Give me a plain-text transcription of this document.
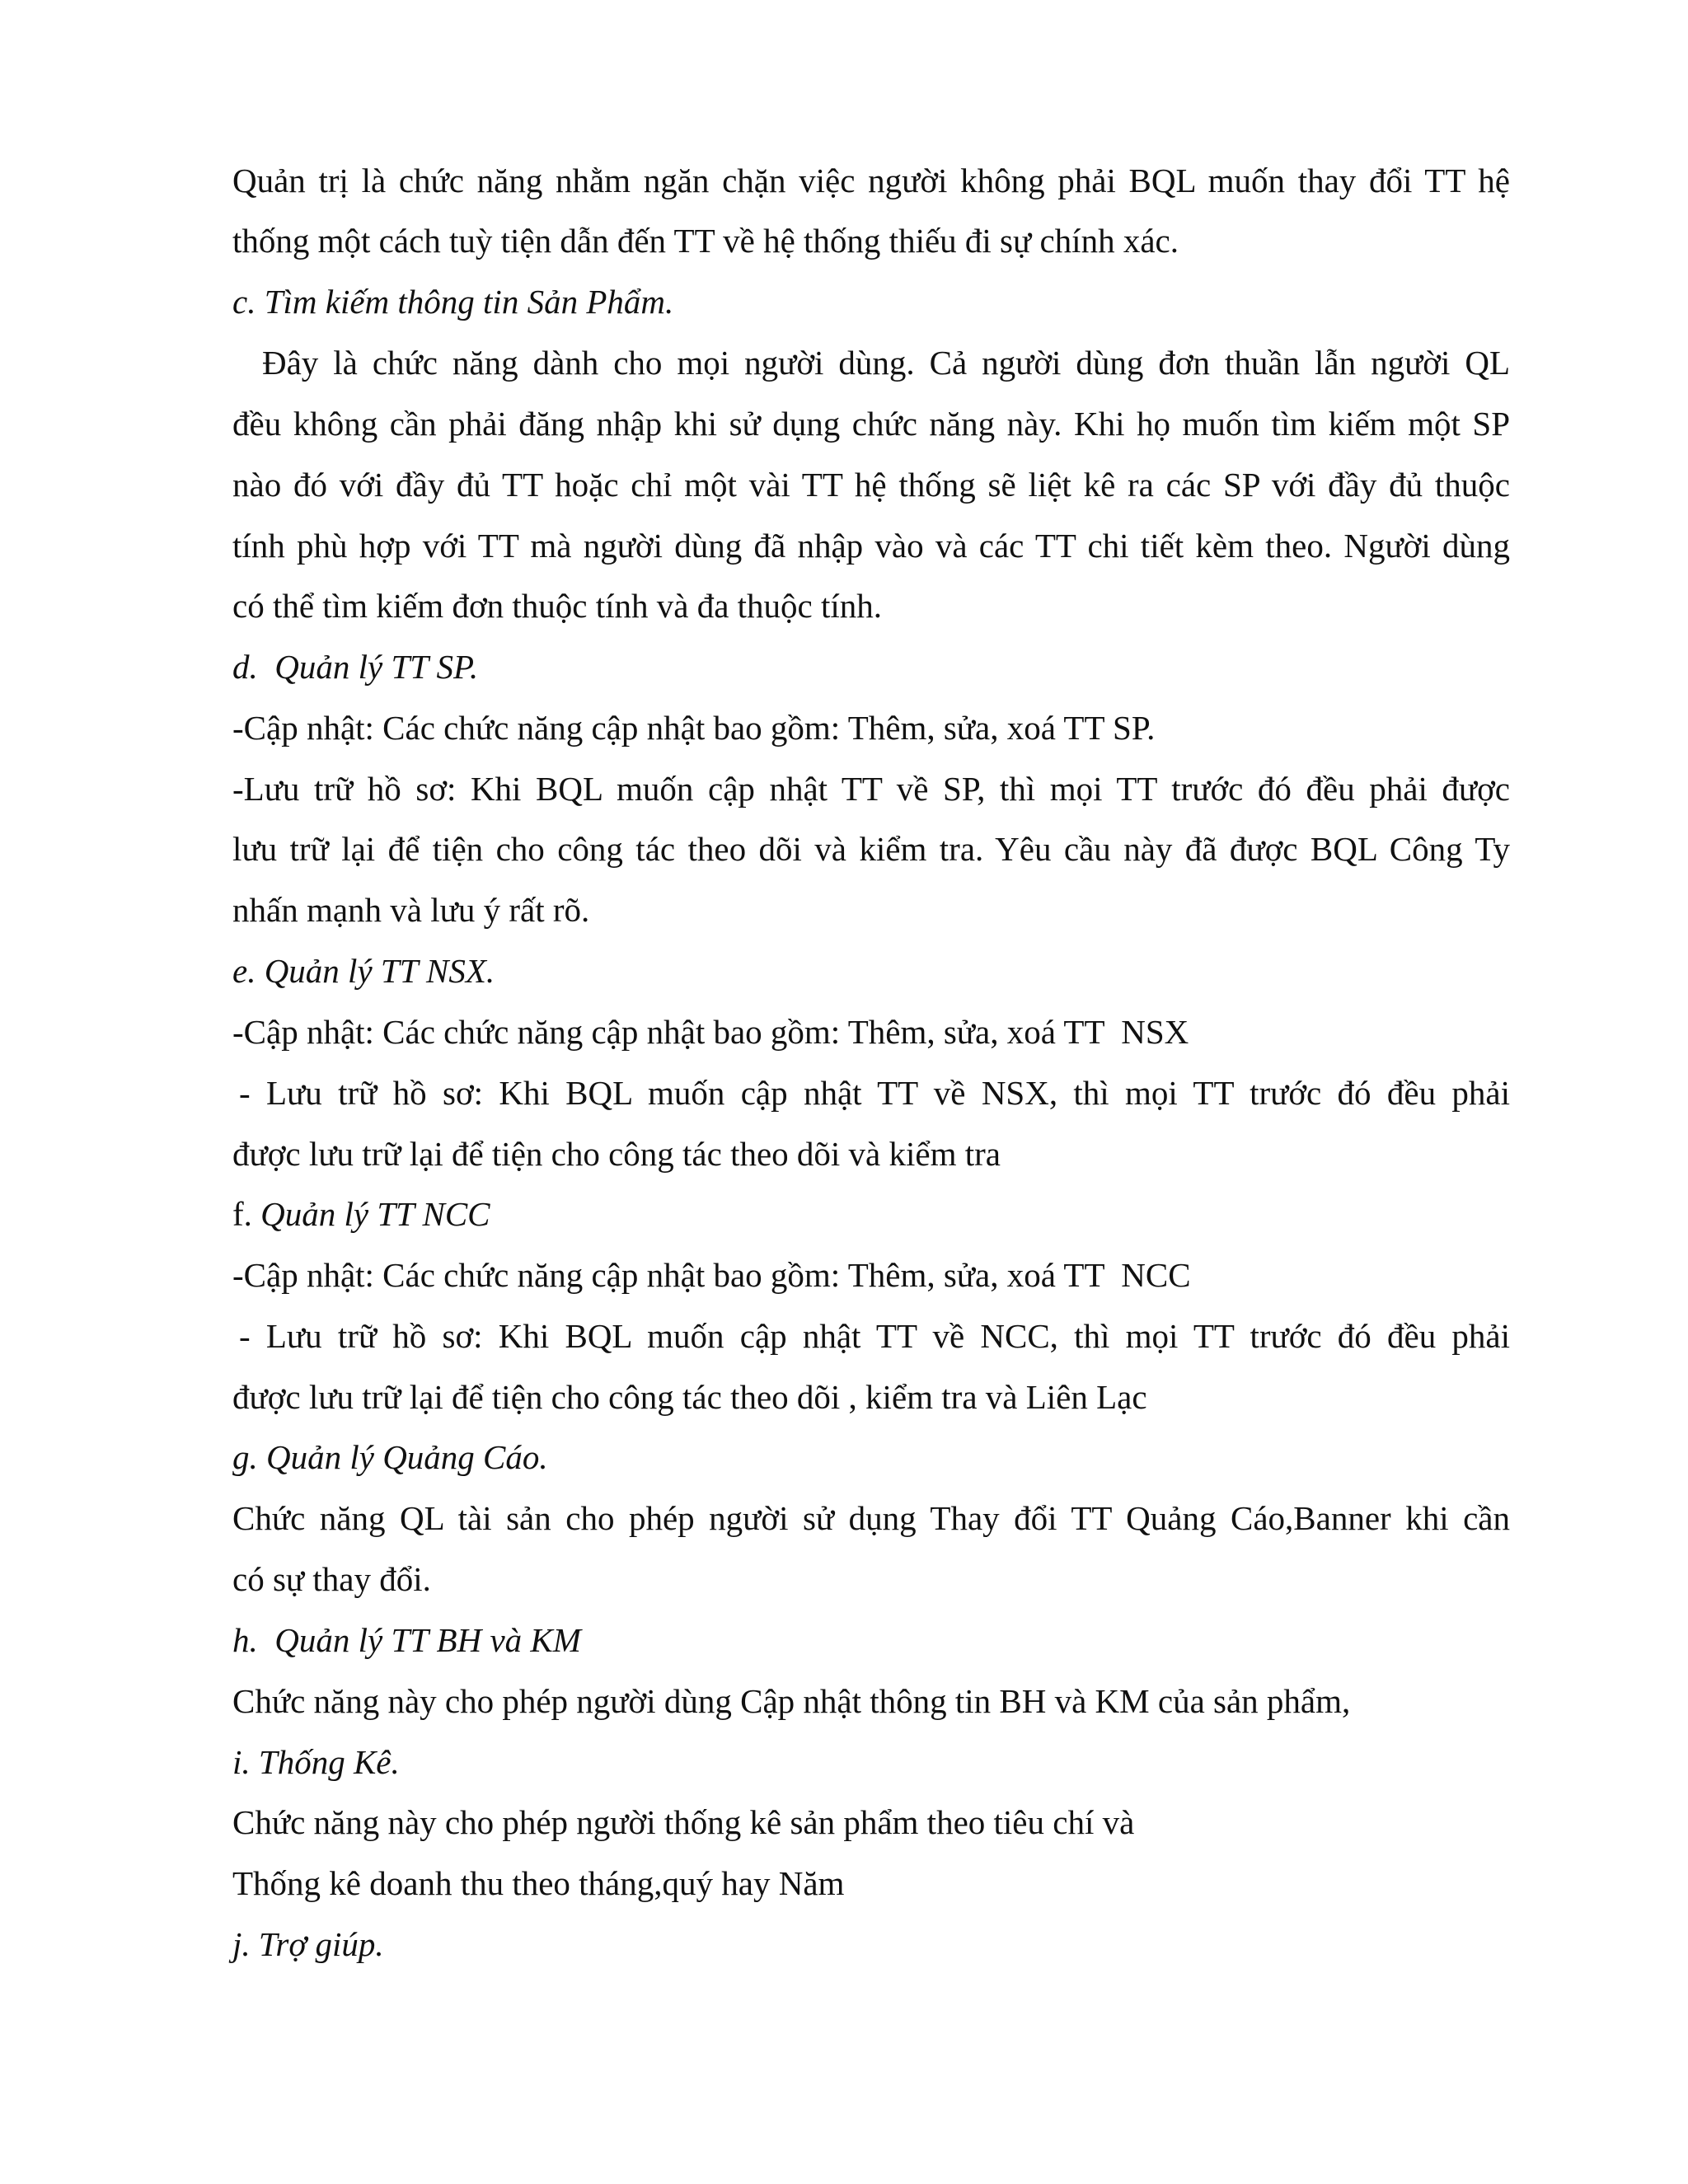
Quản trị là chức năng nhằm ngăn chặn việc người không phải BQL muốn thay đổi TT hệ
thống một cách tuỳ tiện dẫn đến TT về hệ thống thiếu đi sự chính xác.
c. Tìm kiếm thông tin Sản Phẩm.
Đây là chức năng dành cho mọi người dùng. Cả người dùng đơn thuần lẫn người QL
đều không cần phải đăng nhập khi sử dụng chức năng này. Khi họ muốn tìm kiếm một SP
nào đó với đầy đủ TT hoặc chỉ một vài TT hệ thống sẽ liệt kê ra các SP với đầy đủ thuộc
tính phù hợp với TT mà người dùng đã nhập vào và các TT chi tiết kèm theo. Người dùng
có thể tìm kiếm đơn thuộc tính và đa thuộc tính.
d.  Quản lý TT SP.
-Cập nhật: Các chức năng cập nhật bao gồm: Thêm, sửa, xoá TT SP.
-Lưu trữ hồ sơ: Khi BQL muốn cập nhật TT về SP, thì mọi TT trước đó đều phải được
lưu trữ lại để tiện cho công tác theo dõi và kiểm tra. Yêu cầu này đã được BQL Công Ty
nhấn mạnh và lưu ý rất rõ.
e. Quản lý TT NSX.
-Cập nhật: Các chức năng cập nhật bao gồm: Thêm, sửa, xoá TT  NSX
- Lưu trữ hồ sơ: Khi BQL muốn cập nhật TT về NSX, thì mọi TT trước đó đều phải
được lưu trữ lại để tiện cho công tác theo dõi và kiểm tra
f. Quản lý TT NCC
-Cập nhật: Các chức năng cập nhật bao gồm: Thêm, sửa, xoá TT  NCC
- Lưu trữ hồ sơ: Khi BQL muốn cập nhật TT về NCC, thì mọi TT trước đó đều phải
được lưu trữ lại để tiện cho công tác theo dõi , kiểm tra và Liên Lạc
g. Quản lý Quảng Cáo.
Chức năng QL tài sản cho phép người sử dụng Thay đổi TT Quảng Cáo,Banner khi cần
có sự thay đổi.
h.  Quản lý TT BH và KM
Chức năng này cho phép người dùng Cập nhật thông tin BH và KM của sản phẩm,
i. Thống Kê.
Chức năng này cho phép người thống kê sản phẩm theo tiêu chí và
Thống kê doanh thu theo tháng,quý hay Năm
j. Trợ giúp.
